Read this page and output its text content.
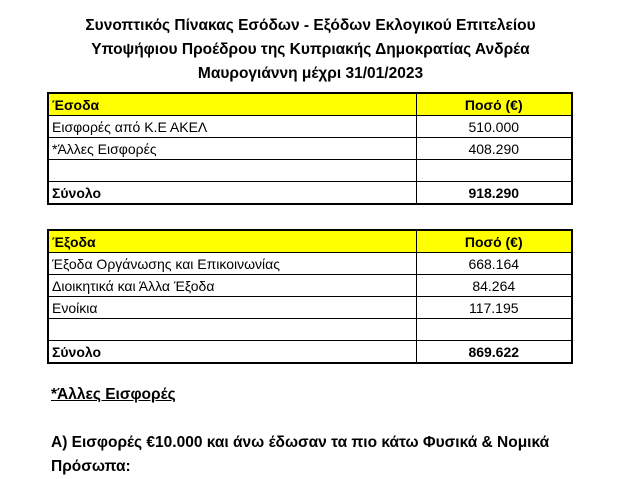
Συνοπτικός Πίνακας Εσόδων - Εξόδων Εκλογικού Επιτελείου
Υποψήφιου Προέδρου της Κυπριακής Δημοκρατίας Ανδρέα
Μαυρογιάννη μέχρι 31/01/2023
Έσοδα	Ποσό (€)
Εισφορές από Κ.Ε ΑΚΕΛ	510.000
*Άλλες Εισφορές	408.290

Σύνολο	918.290
Έξοδα	Ποσό (€)
Έξοδα Οργάνωσης και Επικοινωνίας	668.164
Διοικητικά και Άλλα Έξοδα	84.264
Ενοίκια	117.195

Σύνολο	869.622
*Άλλες Εισφορές
Α) Εισφορές €10.000 και άνω έδωσαν τα πιο κάτω Φυσικά & Νομικά Πρόσωπα:
